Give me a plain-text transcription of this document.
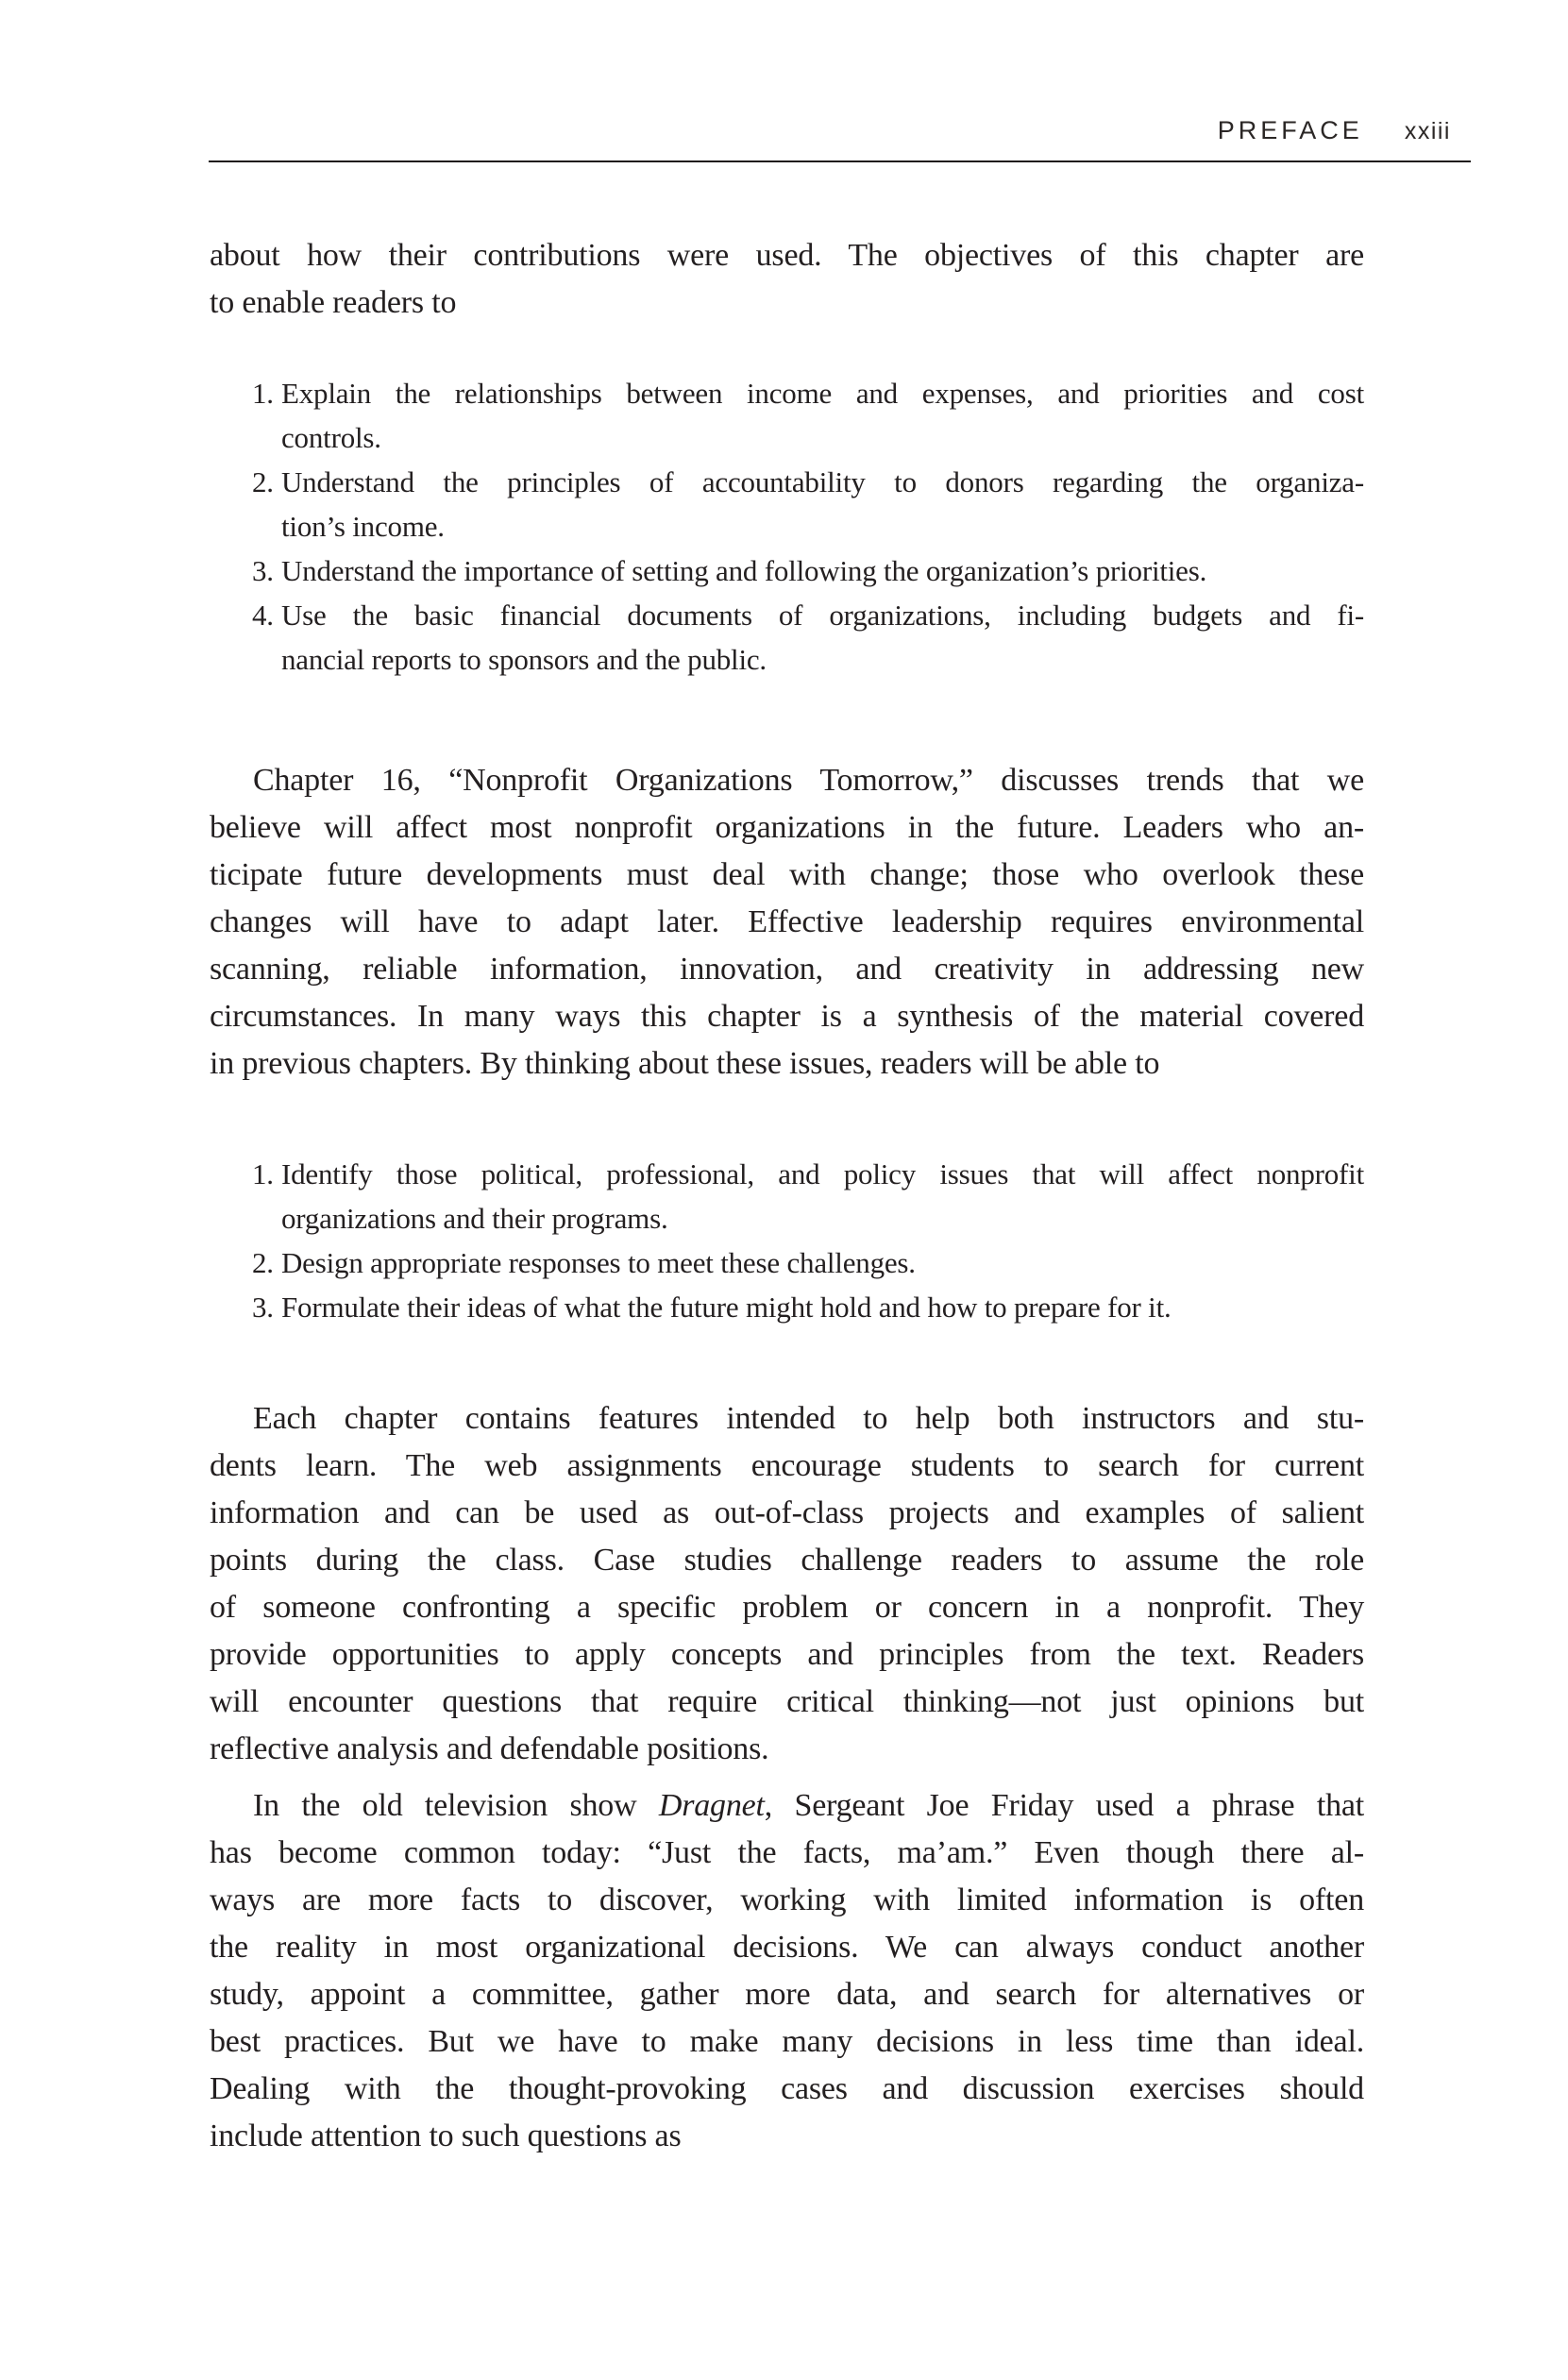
PREFACE xxiii
about how their contributions were used. The objectives of this chapter are
to enable readers to
1. Explain the relationships between income and expenses, and priorities and cost
controls.
2. Understand the principles of accountability to donors regarding the organiza-
tion’s income.
3. Understand the importance of setting and following the organization’s priorities.
4. Use the basic financial documents of organizations, including budgets and fi-
nancial reports to sponsors and the public.
Chapter 16, “Nonprofit Organizations Tomorrow,” discusses trends that we
believe will affect most nonprofit organizations in the future. Leaders who an-
ticipate future developments must deal with change; those who overlook these
changes will have to adapt later. Effective leadership requires environmental
scanning, reliable information, innovation, and creativity in addressing new
circumstances. In many ways this chapter is a synthesis of the material covered
in previous chapters. By thinking about these issues, readers will be able to
1. Identify those political, professional, and policy issues that will affect nonprofit
organizations and their programs.
2. Design appropriate responses to meet these challenges.
3. Formulate their ideas of what the future might hold and how to prepare for it.
Each chapter contains features intended to help both instructors and stu-
dents learn. The web assignments encourage students to search for current
information and can be used as out-of-class projects and examples of salient
points during the class. Case studies challenge readers to assume the role
of someone confronting a specific problem or concern in a nonprofit. They
provide opportunities to apply concepts and principles from the text. Readers
will encounter questions that require critical thinking—not just opinions but
reflective analysis and defendable positions.
In the old television show Dragnet, Sergeant Joe Friday used a phrase that
has become common today: “Just the facts, ma’am.” Even though there al-
ways are more facts to discover, working with limited information is often
the reality in most organizational decisions. We can always conduct another
study, appoint a committee, gather more data, and search for alternatives or
best practices. But we have to make many decisions in less time than ideal.
Dealing with the thought-provoking cases and discussion exercises should
include attention to such questions as
